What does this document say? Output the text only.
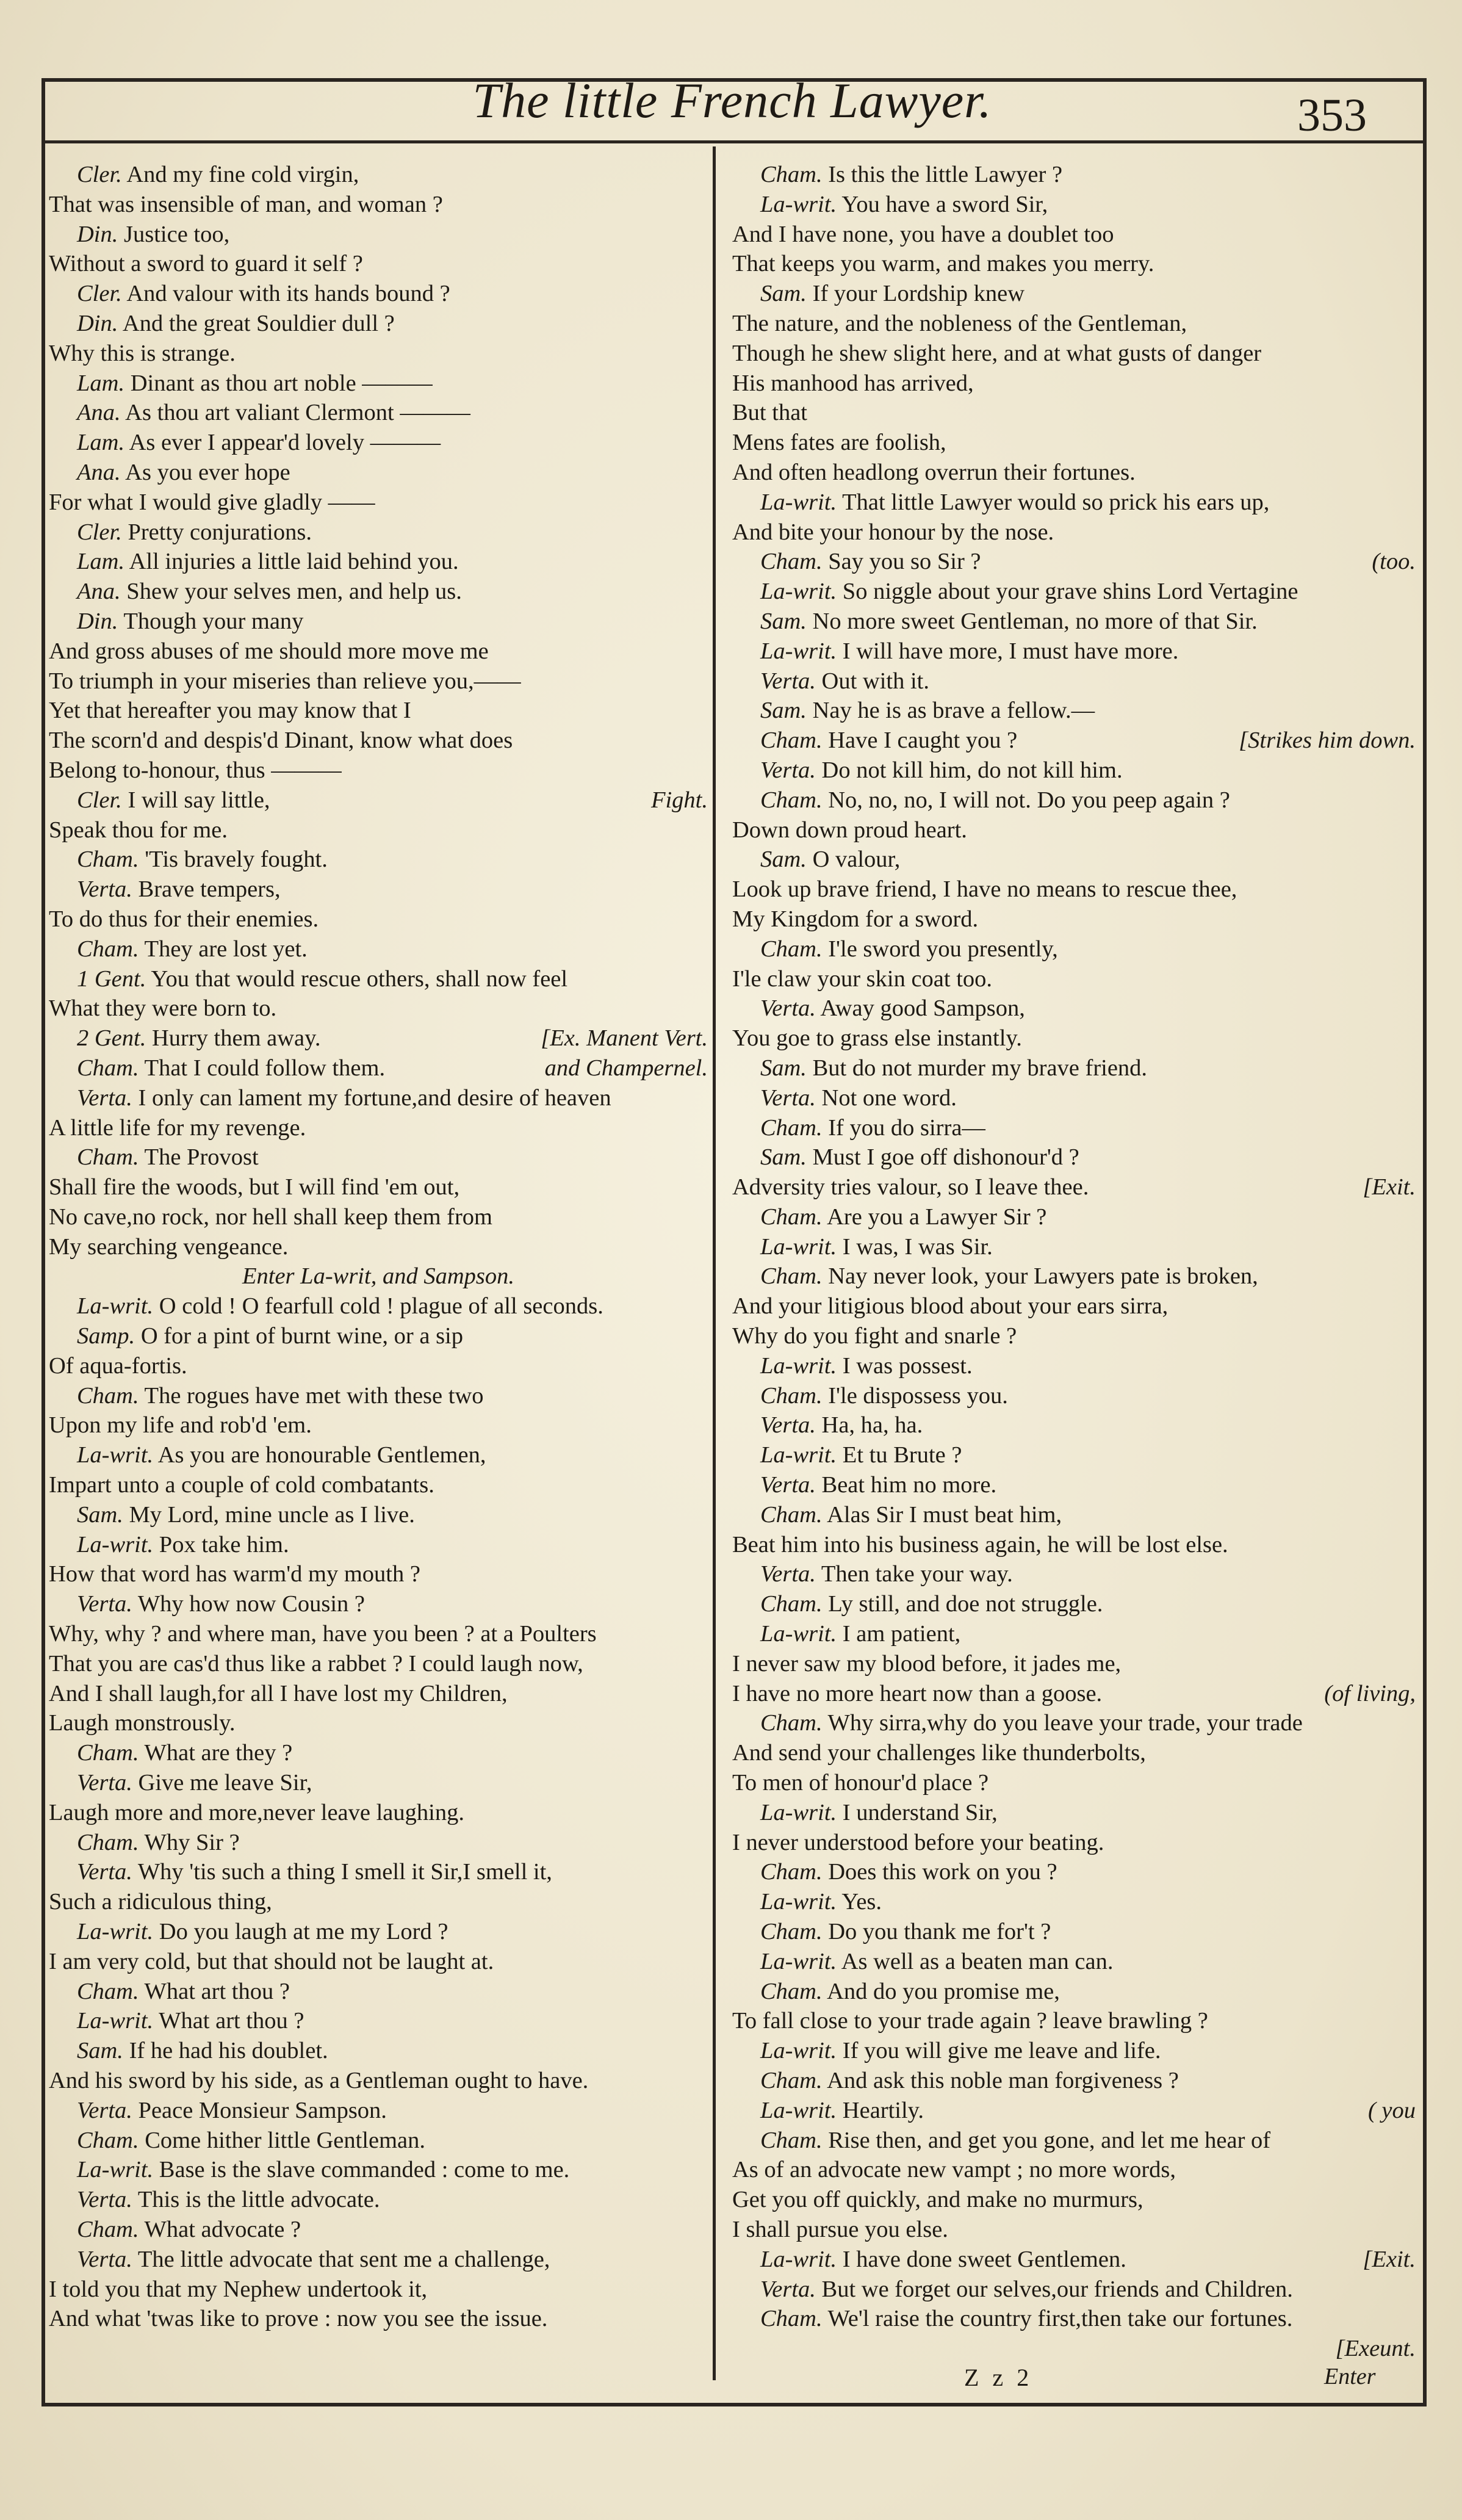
The little French Lawyer.	353
Cler. And my fine cold virgin,
That was insensible of man, and woman ?
Din. Justice too,
Without a sword to guard it self ?
Cler. And valour with its hands bound ?
Din. And the great Souldier dull ?
Why this is strange.
Lam. Dinant as thou art noble ———
Ana. As thou art valiant Clermont ———
Lam. As ever I appear'd lovely ———
Ana. As you ever hope
For what I would give gladly ——
Cler. Pretty conjurations.
Lam. All injuries a little laid behind you.
Ana. Shew your selves men, and help us.
Din. Though your many
And gross abuses of me should more move me
To triumph in your miseries than relieve you,——
Yet that hereafter you may know that I
The scorn'd and despis'd Dinant, know what does
Belong to-honour, thus ———
Cler. I will say little,	Fight.
Speak thou for me.
Cham. 'Tis bravely fought.
Verta. Brave tempers,
To do thus for their enemies.
Cham. They are lost yet.
1 Gent. You that would rescue others, shall now feel
What they were born to.
2 Gent. Hurry them away.	[Ex. Manent Vert.
Cham. That I could follow them.	and Champernel.
Verta. I only can lament my fortune,and desire of heaven
A little life for my revenge.
Cham. The Provost
Shall fire the woods, but I will find 'em out,
No cave,no rock, nor hell shall keep them from
My searching vengeance.
Enter La-writ, and Sampson.
La-writ. O cold ! O fearfull cold ! plague of all seconds.
Samp. O for a pint of burnt wine, or a sip
Of aqua-fortis.
Cham. The rogues have met with these two
Upon my life and rob'd 'em.
La-writ. As you are honourable Gentlemen,
Impart unto a couple of cold combatants.
Sam. My Lord, mine uncle as I live.
La-writ. Pox take him.
How that word has warm'd my mouth ?
Verta. Why how now Cousin ?
Why, why ? and where man, have you been ? at a Poulters
That you are cas'd thus like a rabbet ? I could laugh now,
And I shall laugh,for all I have lost my Children,
Laugh monstrously.
Cham. What are they ?
Verta. Give me leave Sir,
Laugh more and more,never leave laughing.
Cham. Why Sir ?
Verta. Why 'tis such a thing I smell it Sir,I smell it,
Such a ridiculous thing,
La-writ. Do you laugh at me my Lord ?
I am very cold, but that should not be laught at.
Cham. What art thou ?
La-writ. What art thou ?
Sam. If he had his doublet.
And his sword by his side, as a Gentleman ought to have.
Verta. Peace Monsieur Sampson.
Cham. Come hither little Gentleman.
La-writ. Base is the slave commanded : come to me.
Verta. This is the little advocate.
Cham. What advocate ?
Verta. The little advocate that sent me a challenge,
I told you that my Nephew undertook it,
And what 'twas like to prove : now you see the issue.
Cham. Is this the little Lawyer ?
La-writ. You have a sword Sir,
And I have none, you have a doublet too
That keeps you warm, and makes you merry.
Sam. If your Lordship knew
The nature, and the nobleness of the Gentleman,
Though he shew slight here, and at what gusts of danger
His manhood has arrived,
But that
Mens fates are foolish,
And often headlong overrun their fortunes.
La-writ. That little Lawyer would so prick his ears up,
And bite your honour by the nose.
Cham. Say you so Sir ?	(too.
La-writ. So niggle about your grave shins Lord Vertagine
Sam. No more sweet Gentleman, no more of that Sir.
La-writ. I will have more, I must have more.
Verta. Out with it.
Sam. Nay he is as brave a fellow.—
Cham. Have I caught you ?	[Strikes him down.
Verta. Do not kill him, do not kill him.
Cham. No, no, no, I will not. Do you peep again ?
Down down proud heart.
Sam. O valour,
Look up brave friend, I have no means to rescue thee,
My Kingdom for a sword.
Cham. I'le sword you presently,
I'le claw your skin coat too.
Verta. Away good Sampson,
You goe to grass else instantly.
Sam. But do not murder my brave friend.
Verta. Not one word.
Cham. If you do sirra—
Sam. Must I goe off dishonour'd ?
Adversity tries valour, so I leave thee.	[Exit.
Cham. Are you a Lawyer Sir ?
La-writ. I was, I was Sir.
Cham. Nay never look, your Lawyers pate is broken,
And your litigious blood about your ears sirra,
Why do you fight and snarle ?
La-writ. I was possest.
Cham. I'le dispossess you.
Verta. Ha, ha, ha.
La-writ. Et tu Brute ?
Verta. Beat him no more.
Cham. Alas Sir I must beat him,
Beat him into his business again, he will be lost else.
Verta. Then take your way.
Cham. Ly still, and doe not struggle.
La-writ. I am patient,
I never saw my blood before, it jades me,
I have no more heart now than a goose.	(of living,
Cham. Why sirra,why do you leave your trade, your trade
And send your challenges like thunderbolts,
To men of honour'd place ?
La-writ. I understand Sir,
I never understood before your beating.
Cham. Does this work on you ?
La-writ. Yes.
Cham. Do you thank me for't ?
La-writ. As well as a beaten man can.
Cham. And do you promise me,
To fall close to your trade again ? leave brawling ?
La-writ. If you will give me leave and life.
Cham. And ask this noble man forgiveness ?
La-writ. Heartily.	( you
Cham. Rise then, and get you gone, and let me hear of
As of an advocate new vampt ; no more words,
Get you off quickly, and make no murmurs,
I shall pursue you else.
La-writ. I have done sweet Gentlemen.	[Exit.
Verta. But we forget our selves,our friends and Children.
Cham. We'l raise the country first,then take our fortunes.
[Exeunt.
Z z 2	Enter
